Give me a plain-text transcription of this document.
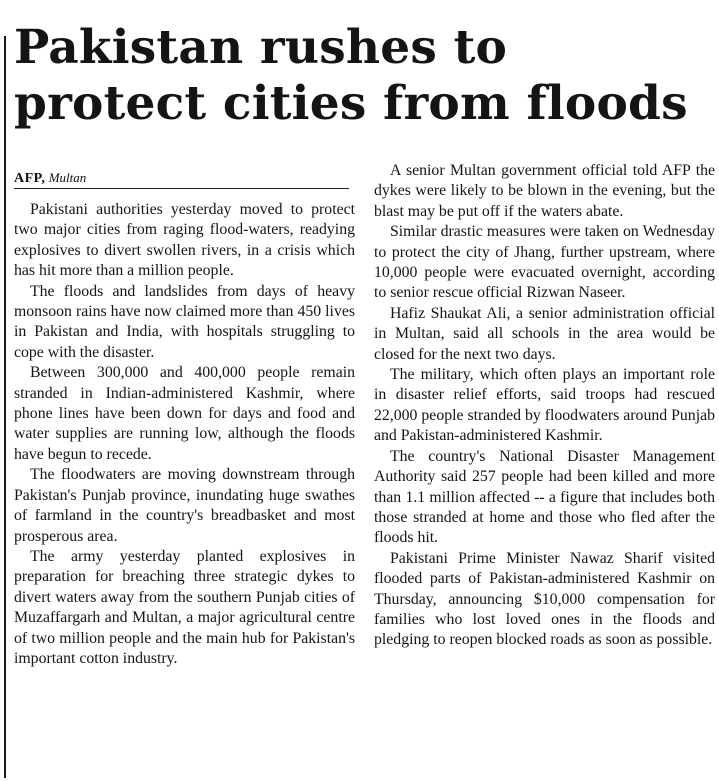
Pakistan rushes to protect cities from floods
AFP, Multan

Pakistani authorities yesterday moved to protect two major cities from raging flood-waters, readying explosives to divert swollen rivers, in a crisis which has hit more than a million people.

The floods and landslides from days of heavy monsoon rains have now claimed more than 450 lives in Pakistan and India, with hospitals struggling to cope with the disaster.

Between 300,000 and 400,000 people remain stranded in Indian-administered Kashmir, where phone lines have been down for days and food and water supplies are running low, although the floods have begun to recede.

The floodwaters are moving downstream through Pakistan's Punjab province, inundating huge swathes of farmland in the country's breadbasket and most prosperous area.

The army yesterday planted explosives in preparation for breaching three strategic dykes to divert waters away from the southern Punjab cities of Muzaffargarh and Multan, a major agricultural centre of two million people and the main hub for Pakistan's important cotton industry.

A senior Multan government official told AFP the dykes were likely to be blown in the evening, but the blast may be put off if the waters abate.

Similar drastic measures were taken on Wednesday to protect the city of Jhang, further upstream, where 10,000 people were evacuated overnight, according to senior rescue official Rizwan Naseer.

Hafiz Shaukat Ali, a senior administration official in Multan, said all schools in the area would be closed for the next two days.

The military, which often plays an important role in disaster relief efforts, said troops had rescued 22,000 people stranded by floodwaters around Punjab and Pakistan-administered Kashmir.

The country's National Disaster Management Authority said 257 people had been killed and more than 1.1 million affected -- a figure that includes both those stranded at home and those who fled after the floods hit.

Pakistani Prime Minister Nawaz Sharif visited flooded parts of Pakistan-administered Kashmir on Thursday, announcing $10,000 compensation for families who lost loved ones in the floods and pledging to reopen blocked roads as soon as possible.
